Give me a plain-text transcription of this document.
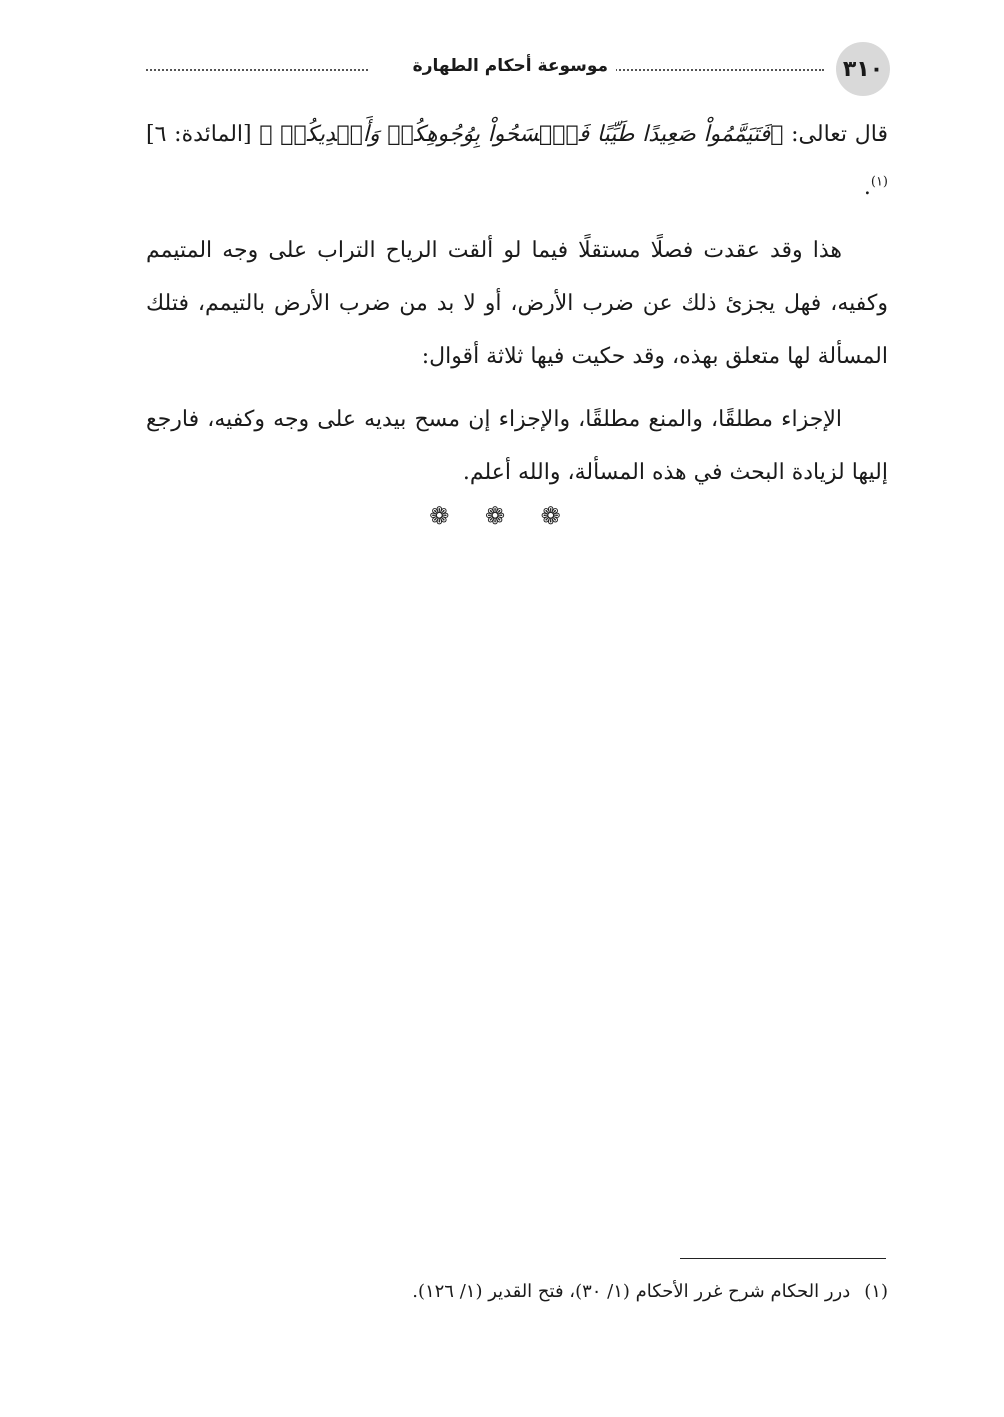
٣١٠
موسوعة أحكام الطهارة

قال تعالى: ﴿فَتَيَمَّمُواْ صَعِيدًا طَيِّبًا فَٱمۡسَحُواْ بِوُجُوهِكُمۡ وَأَيۡدِيكُمۡ ﴾ [المائدة: ٦]$^{(١)}$.

هذا وقد عقدت فصلًا مستقلًا فيما لو ألقت الرياح التراب على وجه المتيمم وكفيه، فهل يجزئ ذلك عن ضرب الأرض، أو لا بد من ضرب الأرض بالتيمم، فتلك المسألة لها متعلق بهذه، وقد حكيت فيها ثلاثة أقوال:

الإجزاء مطلقًا، والمنع مطلقًا، والإجزاء إن مسح بيديه على وجه وكفيه، فارجع إليها لزيادة البحث في هذه المسألة، والله أعلم.

❁ ❁ ❁
(١)درر الحكام شرح غرر الأحكام (١/ ٣٠)، فتح القدير (١/ ١٢٦).
